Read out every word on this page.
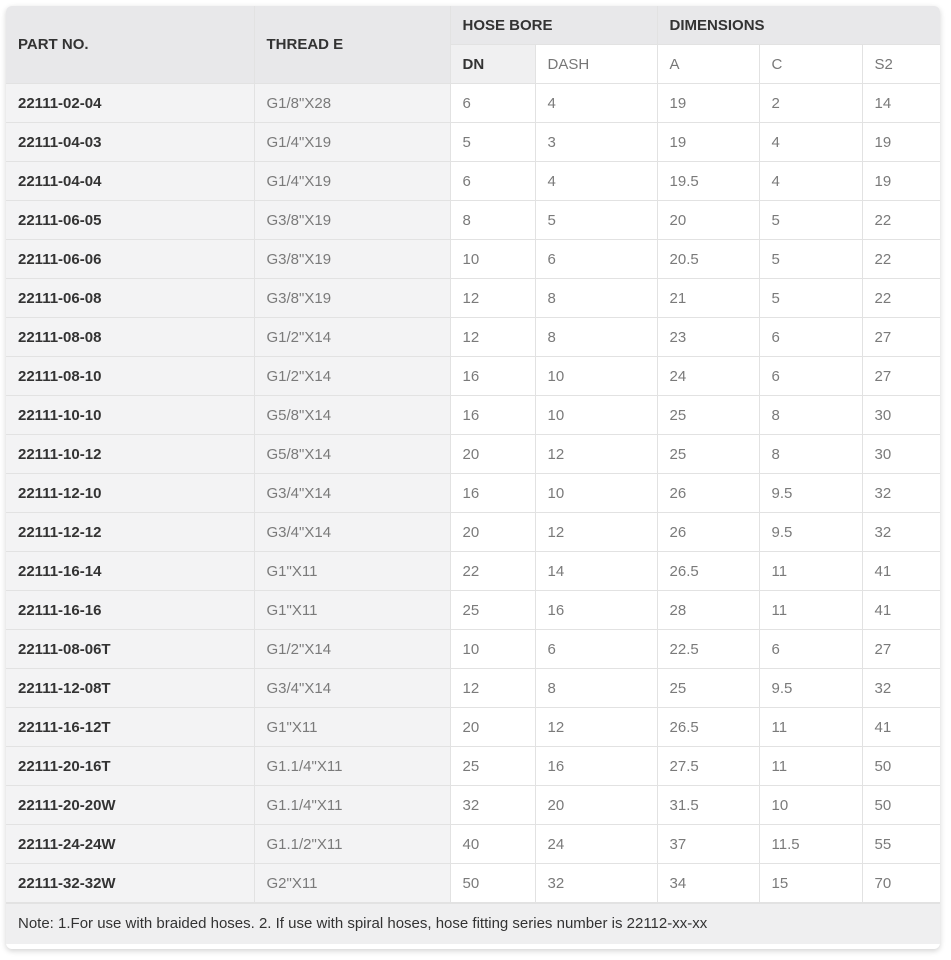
PART NO.	THREAD E	HOSE BORE		DIMENSIONS		
		DN	DASH	A	C	S2
22111-02-04	G1/8"X28	6	4	19	2	14
22111-04-03	G1/4"X19	5	3	19	4	19
22111-04-04	G1/4"X19	6	4	19.5	4	19
22111-06-05	G3/8"X19	8	5	20	5	22
22111-06-06	G3/8"X19	10	6	20.5	5	22
22111-06-08	G3/8"X19	12	8	21	5	22
22111-08-08	G1/2"X14	12	8	23	6	27
22111-08-10	G1/2"X14	16	10	24	6	27
22111-10-10	G5/8"X14	16	10	25	8	30
22111-10-12	G5/8"X14	20	12	25	8	30
22111-12-10	G3/4"X14	16	10	26	9.5	32
22111-12-12	G3/4"X14	20	12	26	9.5	32
22111-16-14	G1"X11	22	14	26.5	11	41
22111-16-16	G1"X11	25	16	28	11	41
22111-08-06T	G1/2"X14	10	6	22.5	6	27
22111-12-08T	G3/4"X14	12	8	25	9.5	32
22111-16-12T	G1"X11	20	12	26.5	11	41
22111-20-16T	G1.1/4"X11	25	16	27.5	11	50
22111-20-20W	G1.1/4"X11	32	20	31.5	10	50
22111-24-24W	G1.1/2"X11	40	24	37	11.5	55
22111-32-32W	G2"X11	50	32	34	15	70
Note: 1.For use with braided hoses. 2. If use with spiral hoses, hose fitting series number is 22112-xx-xx
